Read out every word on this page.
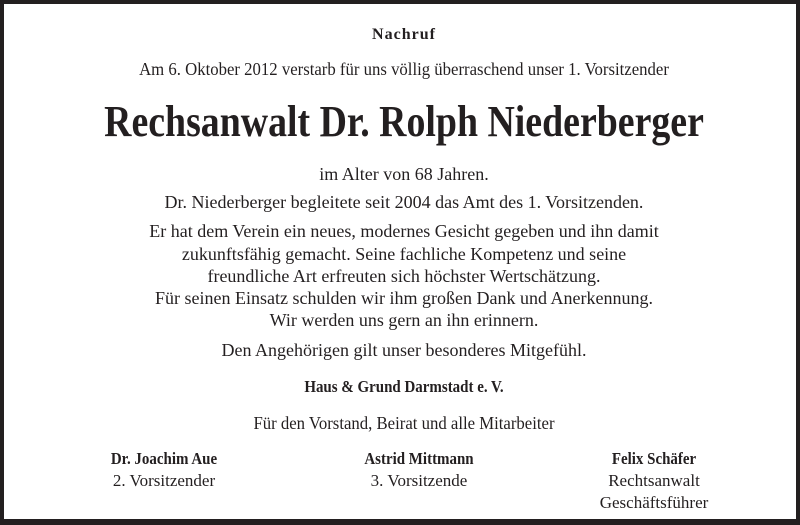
Nachruf
Am 6. Oktober 2012 verstarb für uns völlig überraschend unser 1. Vorsitzender
Rechsanwalt Dr. Rolph Niederberger
im Alter von 68 Jahren.
Dr. Niederberger begleitete seit 2004 das Amt des 1. Vorsitzenden.
Er hat dem Verein ein neues, modernes Gesicht gegeben und ihn damit
zukunftsfähig gemacht. Seine fachliche Kompetenz und seine
freundliche Art erfreuten sich höchster Wertschätzung.
Für seinen Einsatz schulden wir ihm großen Dank und Anerkennung.
Wir werden uns gern an ihn erinnern.
Den Angehörigen gilt unser besonderes Mitgefühl.
Haus & Grund Darmstadt e. V.
Für den Vorstand, Beirat und alle Mitarbeiter
Dr. Joachim Aue
2. Vorsitzender
Astrid Mittmann
3. Vorsitzende
Felix Schäfer
Rechtsanwalt
Geschäftsführer
